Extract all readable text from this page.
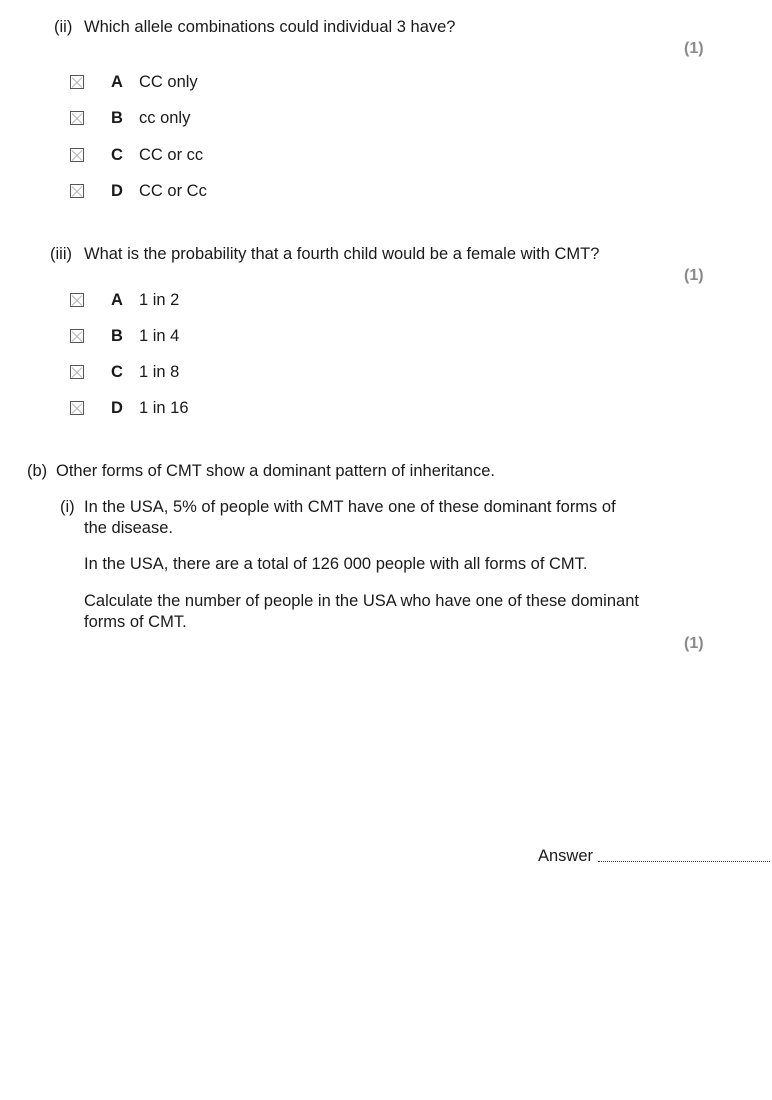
(ii) Which allele combinations could individual 3 have?
(1)
A CC only
B cc only
C CC or cc
D CC or Cc
(iii) What is the probability that a fourth child would be a female with CMT?
(1)
A 1 in 2
B 1 in 4
C 1 in 8
D 1 in 16
(b) Other forms of CMT show a dominant pattern of inheritance.
(i) In the USA, 5% of people with CMT have one of these dominant forms of
the disease.
In the USA, there are a total of 126 000 people with all forms of CMT.
Calculate the number of people in the USA who have one of these dominant
forms of CMT.
(1)
Answer
